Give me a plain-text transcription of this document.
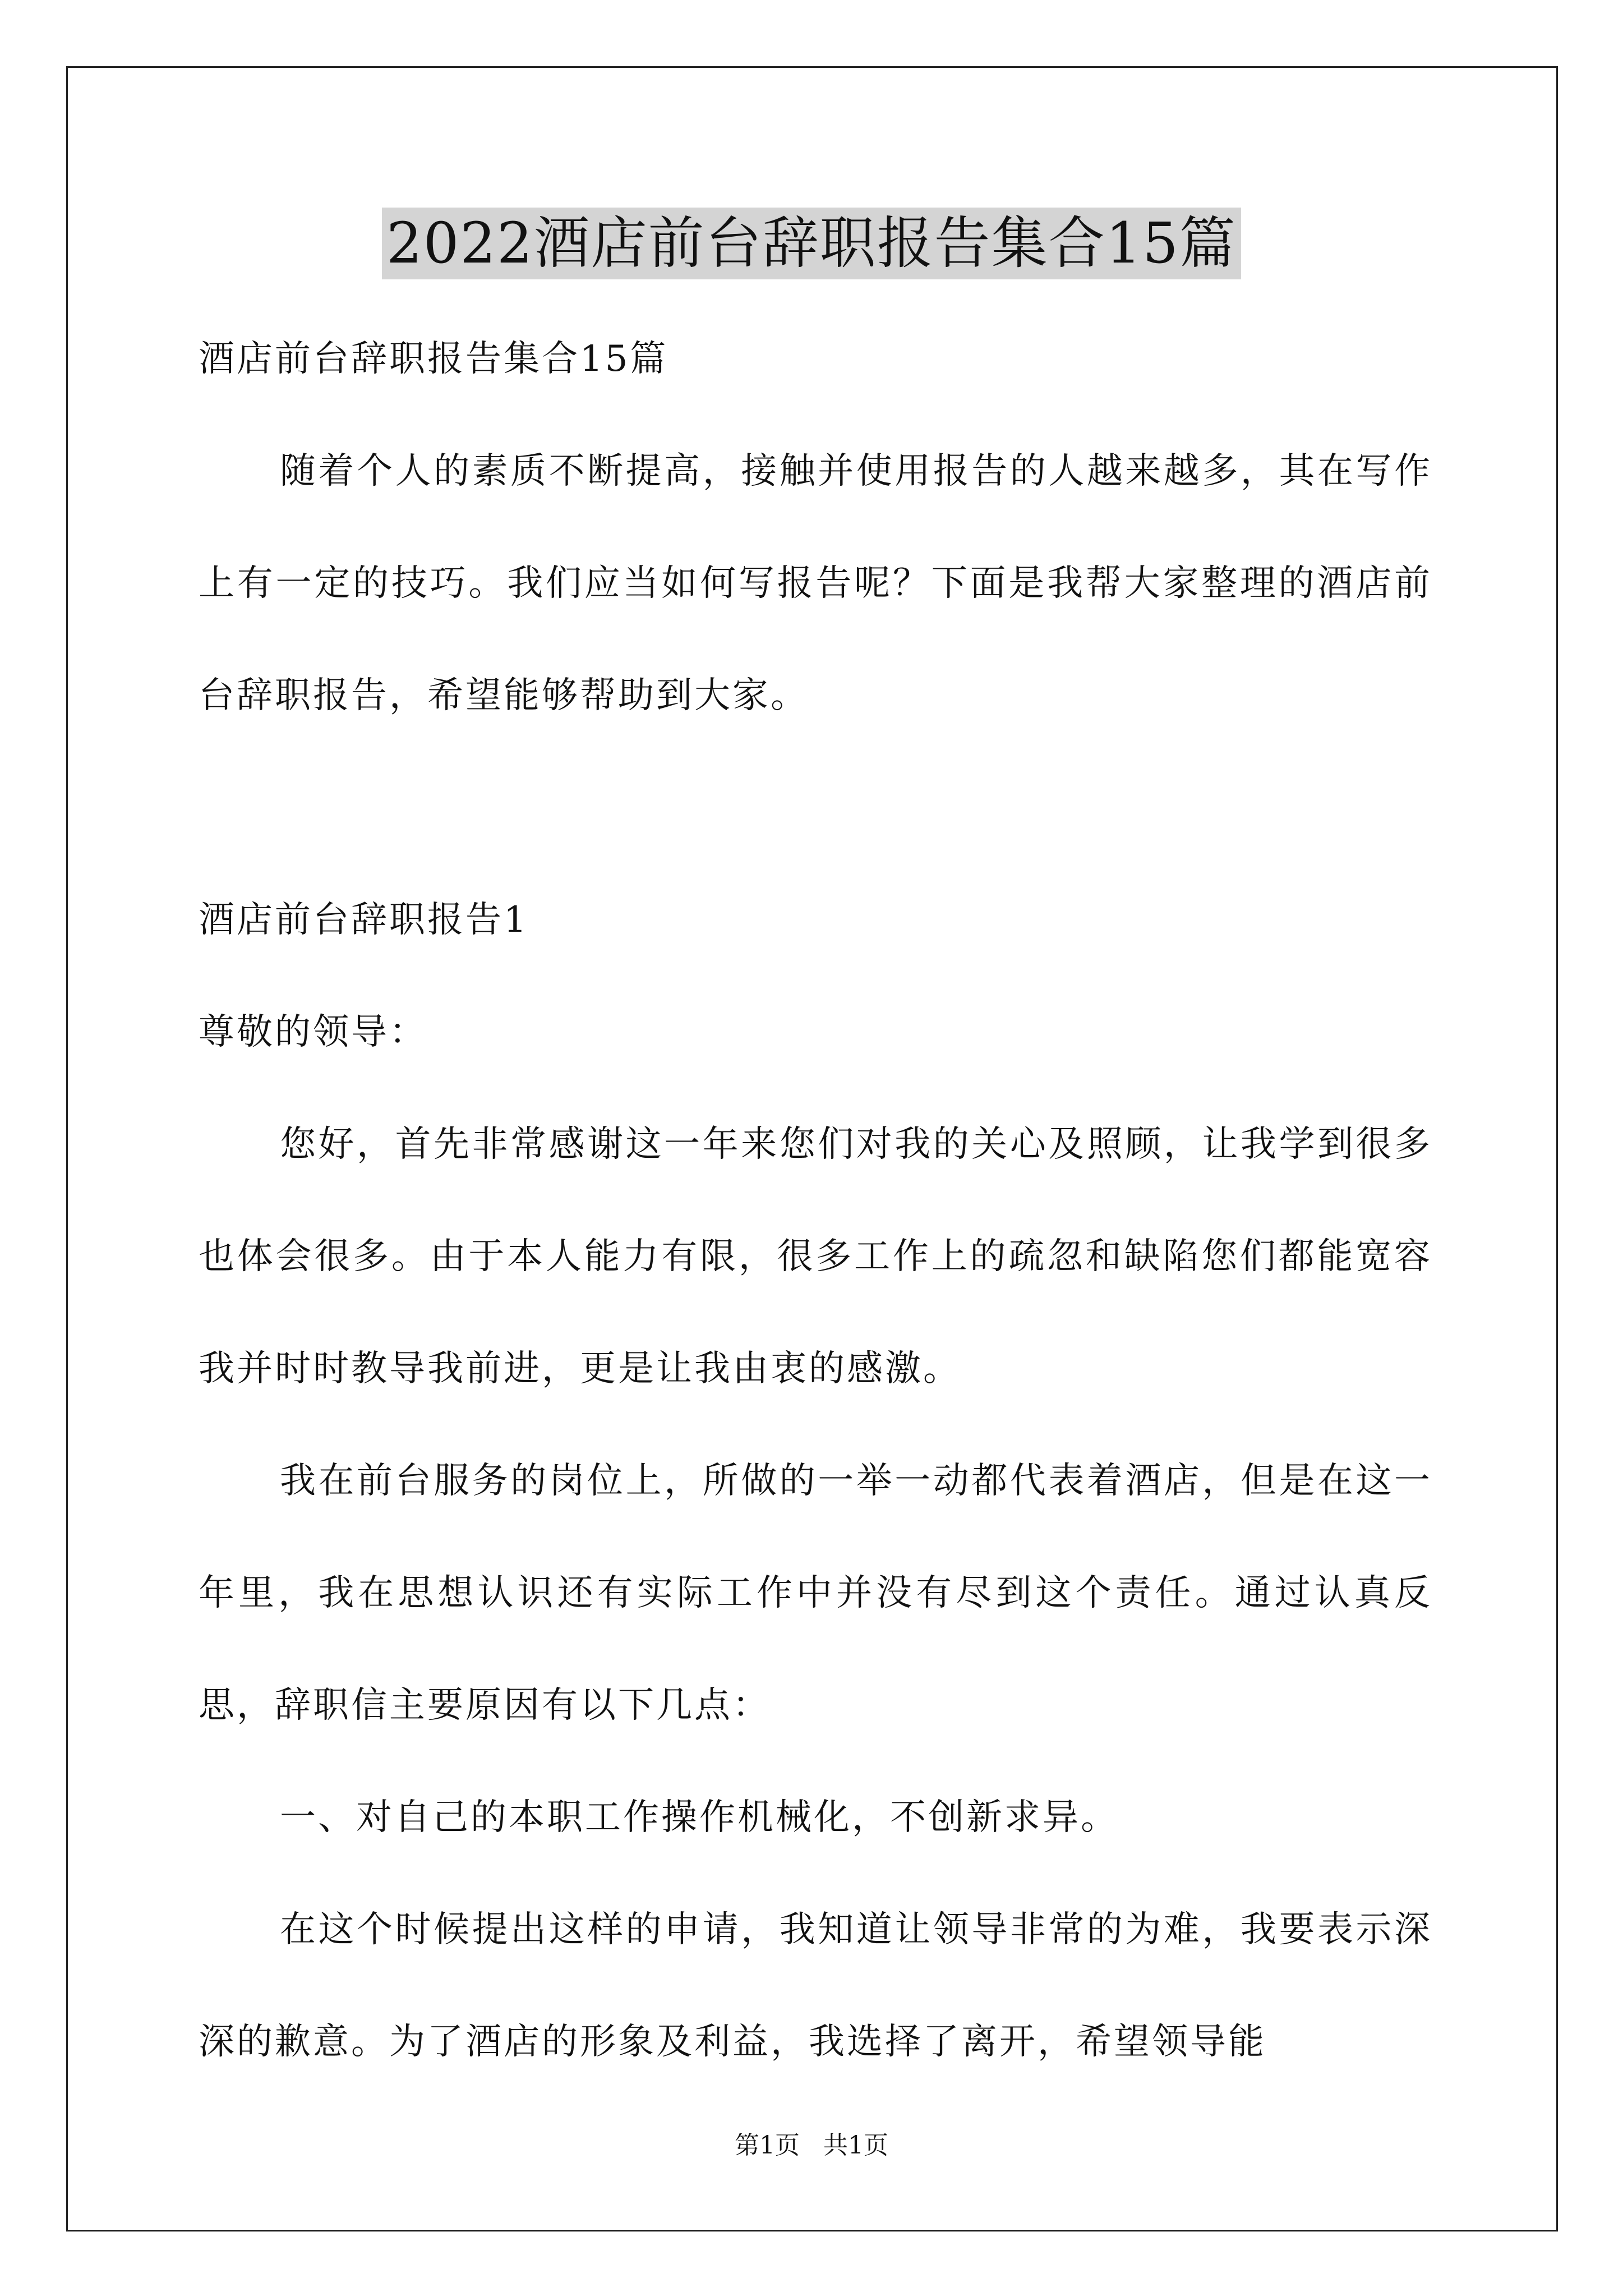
2022酒店前台辞职报告集合15篇

酒店前台辞职报告集合15篇

随着个人的素质不断提高，接触并使用报告的人越来越多，其在写作上有一定的技巧。我们应当如何写报告呢？下面是我帮大家整理的酒店前台辞职报告，希望能够帮助到大家。

酒店前台辞职报告1

尊敬的领导：

您好，首先非常感谢这一年来您们对我的关心及照顾，让我学到很多也体会很多。由于本人能力有限，很多工作上的疏忽和缺陷您们都能宽容我并时时教导我前进，更是让我由衷的感激。

我在前台服务的岗位上，所做的一举一动都代表着酒店，但是在这一年里，我在思想认识还有实际工作中并没有尽到这个责任。通过认真反思，辞职信主要原因有以下几点：

一、对自己的本职工作操作机械化，不创新求异。

在这个时候提出这样的申请，我知道让领导非常的为难，我要表示深深的歉意。为了酒店的形象及利益，我选择了离开，希望领导能

第1页   共1页
